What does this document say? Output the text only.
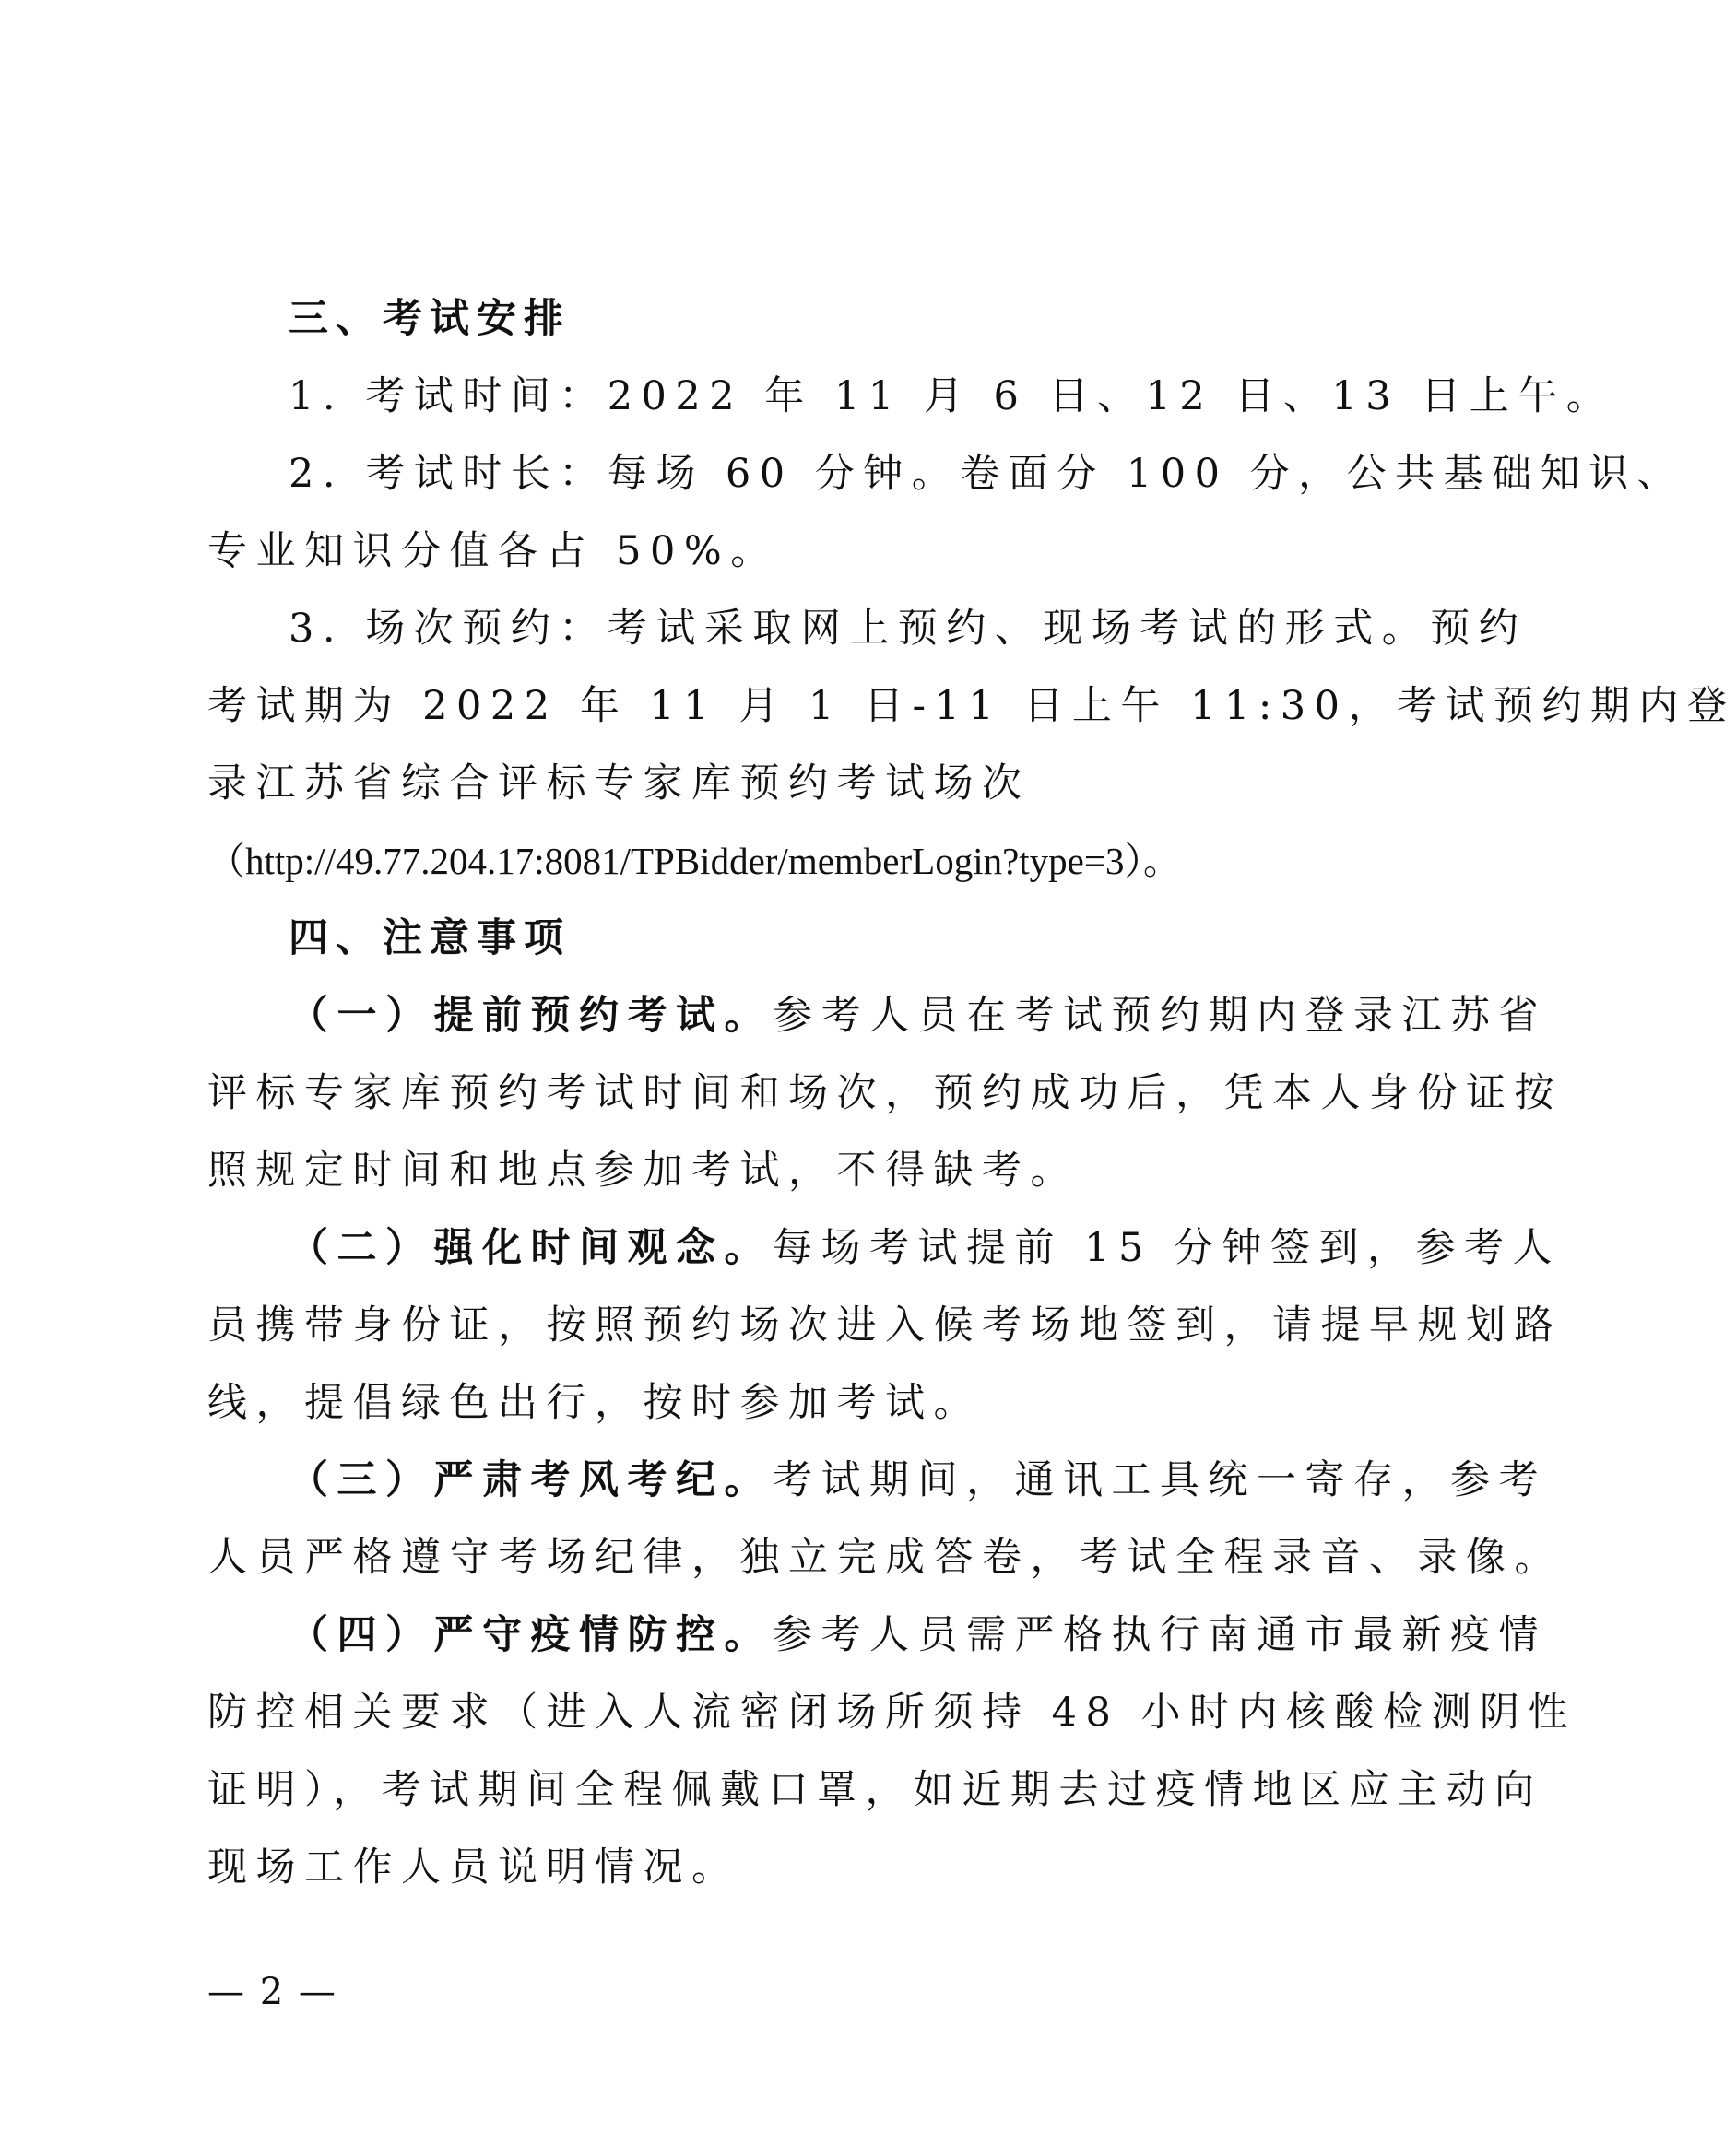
三、考试安排
1. 考试时间：2022 年 11 月 6 日、12 日、13 日上午。
2. 考试时长：每场 60 分钟。卷面分 100 分，公共基础知识、
专业知识分值各占 50%。
3. 场次预约：考试采取网上预约、现场考试的形式。预约
考试期为 2022 年 11 月 1 日-11 日上午 11:30，考试预约期内登
录江苏省综合评标专家库预约考试场次
（http://49.77.204.17:8081/TPBidder/memberLogin?type=3）。
四、注意事项
（一）提前预约考试。参考人员在考试预约期内登录江苏省
评标专家库预约考试时间和场次，预约成功后，凭本人身份证按
照规定时间和地点参加考试，不得缺考。
（二）强化时间观念。每场考试提前 15 分钟签到，参考人
员携带身份证，按照预约场次进入候考场地签到，请提早规划路
线，提倡绿色出行，按时参加考试。
（三）严肃考风考纪。考试期间，通讯工具统一寄存，参考
人员严格遵守考场纪律，独立完成答卷，考试全程录音、录像。
（四）严守疫情防控。参考人员需严格执行南通市最新疫情
防控相关要求（进入人流密闭场所须持 48 小时内核酸检测阴性
证明），考试期间全程佩戴口罩，如近期去过疫情地区应主动向
现场工作人员说明情况。
— 2 —
